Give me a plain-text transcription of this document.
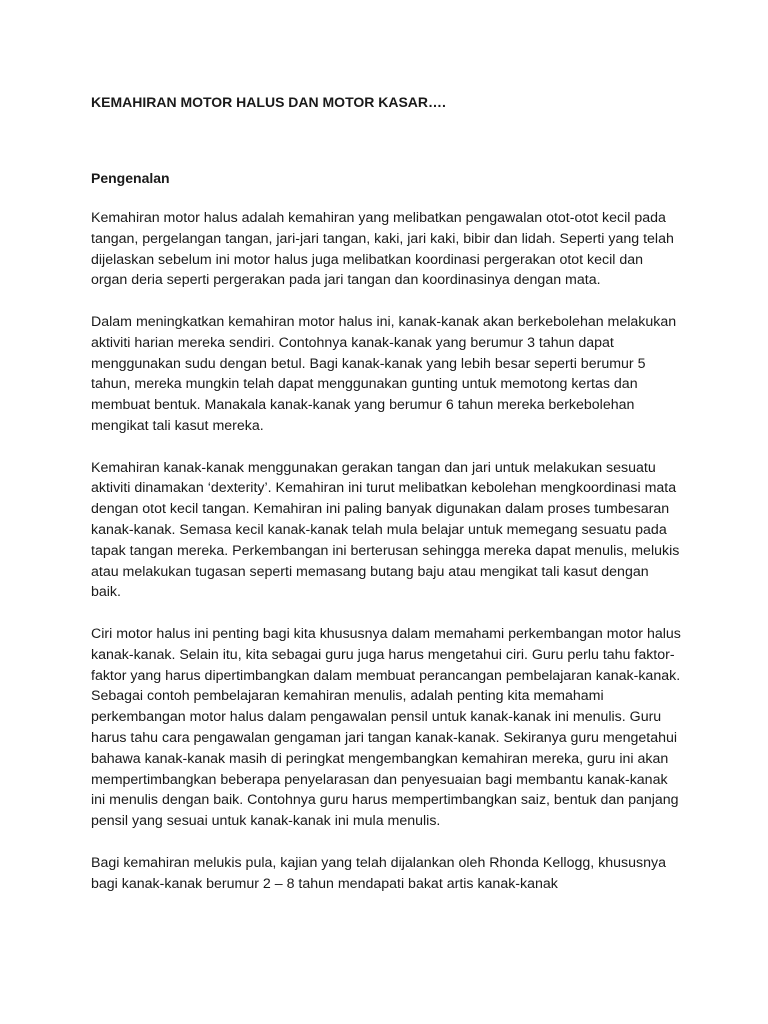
KEMAHIRAN MOTOR HALUS DAN MOTOR KASAR….
Pengenalan

Kemahiran motor halus adalah kemahiran yang melibatkan pengawalan otot-otot kecil pada tangan, pergelangan tangan, jari-jari tangan, kaki, jari kaki, bibir dan lidah. Seperti yang telah dijelaskan sebelum ini motor halus juga melibatkan koordinasi pergerakan otot kecil dan organ deria seperti pergerakan pada jari tangan dan koordinasinya dengan mata.

Dalam meningkatkan kemahiran motor halus ini, kanak-kanak akan berkebolehan melakukan aktiviti harian mereka sendiri. Contohnya kanak-kanak yang berumur 3 tahun dapat menggunakan sudu dengan betul. Bagi kanak-kanak yang lebih besar seperti berumur 5 tahun, mereka mungkin telah dapat menggunakan gunting untuk memotong kertas dan membuat bentuk. Manakala kanak-kanak yang berumur 6 tahun mereka berkebolehan mengikat tali kasut mereka.

Kemahiran kanak-kanak menggunakan gerakan tangan dan jari untuk melakukan sesuatu aktiviti dinamakan ‘dexterity’. Kemahiran ini turut melibatkan kebolehan mengkoordinasi mata dengan otot kecil tangan. Kemahiran ini paling banyak digunakan dalam proses tumbesaran kanak-kanak. Semasa kecil kanak-kanak telah mula belajar untuk memegang sesuatu pada tapak tangan mereka. Perkembangan ini berterusan sehingga mereka dapat menulis, melukis atau melakukan tugasan seperti memasang butang baju atau mengikat tali kasut dengan baik.

Ciri motor halus ini penting bagi kita khususnya dalam memahami perkembangan motor halus kanak-kanak. Selain itu, kita sebagai guru juga harus mengetahui ciri. Guru perlu tahu faktor-faktor yang harus dipertimbangkan dalam membuat perancangan pembelajaran kanak-kanak. Sebagai contoh pembelajaran kemahiran menulis, adalah penting kita memahami perkembangan motor halus dalam pengawalan pensil untuk kanak-kanak ini menulis. Guru harus tahu cara pengawalan gengaman jari tangan kanak-kanak. Sekiranya guru mengetahui bahawa kanak-kanak masih di peringkat mengembangkan kemahiran mereka, guru ini akan mempertimbangkan beberapa penyelarasan dan penyesuaian bagi membantu kanak-kanak ini menulis dengan baik. Contohnya guru harus mempertimbangkan saiz, bentuk dan panjang pensil yang sesuai untuk kanak-kanak ini mula menulis.

Bagi kemahiran melukis pula, kajian yang telah dijalankan oleh Rhonda Kellogg, khususnya bagi kanak-kanak berumur 2 – 8 tahun mendapati bakat artis kanak-kanak
